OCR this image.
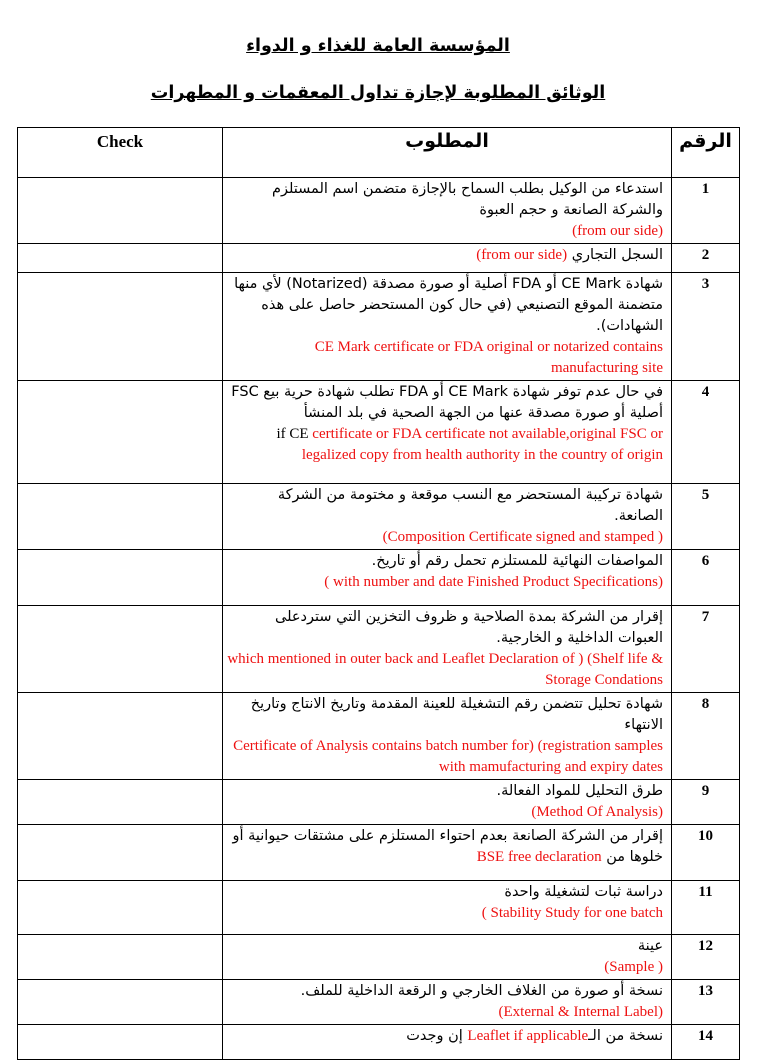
المؤسسة العامة للغذاء و الدواء
الوثائق المطلوبة لإجازة تداول المعقمات و المطهرات
Check	المطلوب	الرقم

	استدعاء من الوكيل بطلب السماح بالإجازة متضمن اسم المستلزم والشركة الصانعة و حجم العبوة
(from our side)	1

	السجل التجاري (from our side)	2

	شهادة CE Mark أو FDA أصلية أو صورة مصدقة (Notarized) لأي منها متضمنة الموقع التصنيعي (في حال كون المستحضر حاصل على هذه الشهادات).
CE Mark certificate or FDA original or notarized contains manufacturing site	3

	في حال عدم توفر شهادة CE Mark أو FDA تطلب شهادة حرية بيع FSC أصلية أو صورة مصدقة عنها من الجهة الصحية في بلد المنشأ
if CE certificate or FDA certificate not available,original FSC or legalized copy from health authority in the country of origin	4

	شهادة تركيبة المستحضر مع النسب موقعة و مختومة من الشركة الصانعة.
( Composition Certificate signed and stamped)	5

	المواصفات النهائية للمستلزم تحمل رقم أو تاريخ.
(with number and date Finished Product Specifications )	6

	إقرار من الشركة بمدة الصلاحية و ظروف التخزين التي ستردعلى العبوات الداخلية و الخارجية.
which mentioned in outer back and Leaflet Declaration of ) (Shelf life & Storage Condations	7

	شهادة تحليل تتضمن رقم التشغيلة للعينة المقدمة وتاريخ الانتاج وتاريخ الانتهاء
Certificate of Analysis contains batch number for) (registration samples with mamufacturing and expiry dates	8

	طرق التحليل للمواد الفعالة.
(Method Of Analysis)	9

	إقرار من الشركة الصانعة بعدم احتواء المستلزم على مشتقات حيوانية أو خلوها من BSE free declaration	10

	دراسة ثبات لتشغيلة واحدة
Stability Study for one batch )	11

	عينة
( Sample)	12

	نسخة أو صورة من الغلاف الخارجي و الرقعة الداخلية للملف.
(External & Internal Label)	13

	نسخة من الـLeaflet if applicable إن وجدت	14
